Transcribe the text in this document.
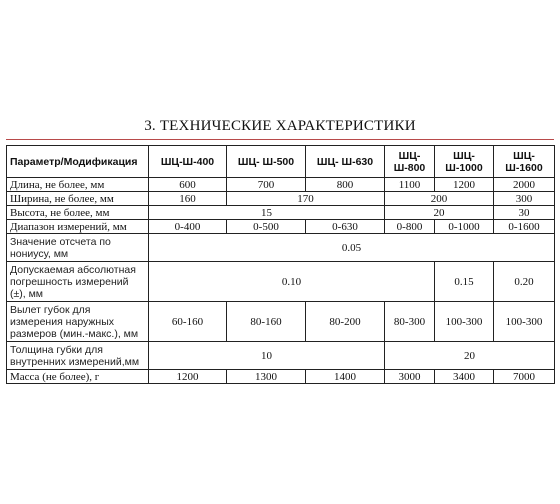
3. ТЕХНИЧЕСКИЕ ХАРАКТЕРИСТИКИ
Параметр/Модификация	ШЦ-Ш-400	ШЦ- Ш-500	ШЦ- Ш-630	ШЦ-Ш-800	ШЦ-Ш-1000	ШЦ-Ш-1600
Длина, не более, мм	600	700	800	1100	1200	2000
Ширина, не более, мм	160	170		200		300
Высота, не более, мм	15			20		30
Диапазон измерений, мм	0-400	0-500	0-630	0-800	0-1000	0-1600
Значение отсчета по нониусу, мм	0.05					
Допускаемая абсолютная погрешность измерений (±), мм	0.10				0.15	0.20
Вылет губок для измерения наружных размеров (мин.-макс.), мм	60-160	80-160	80-200	80-300	100-300	100-300
Толщина губки для внутренних измерений,мм	10			20		
Масса (не более), г	1200	1300	1400	3000	3400	7000
